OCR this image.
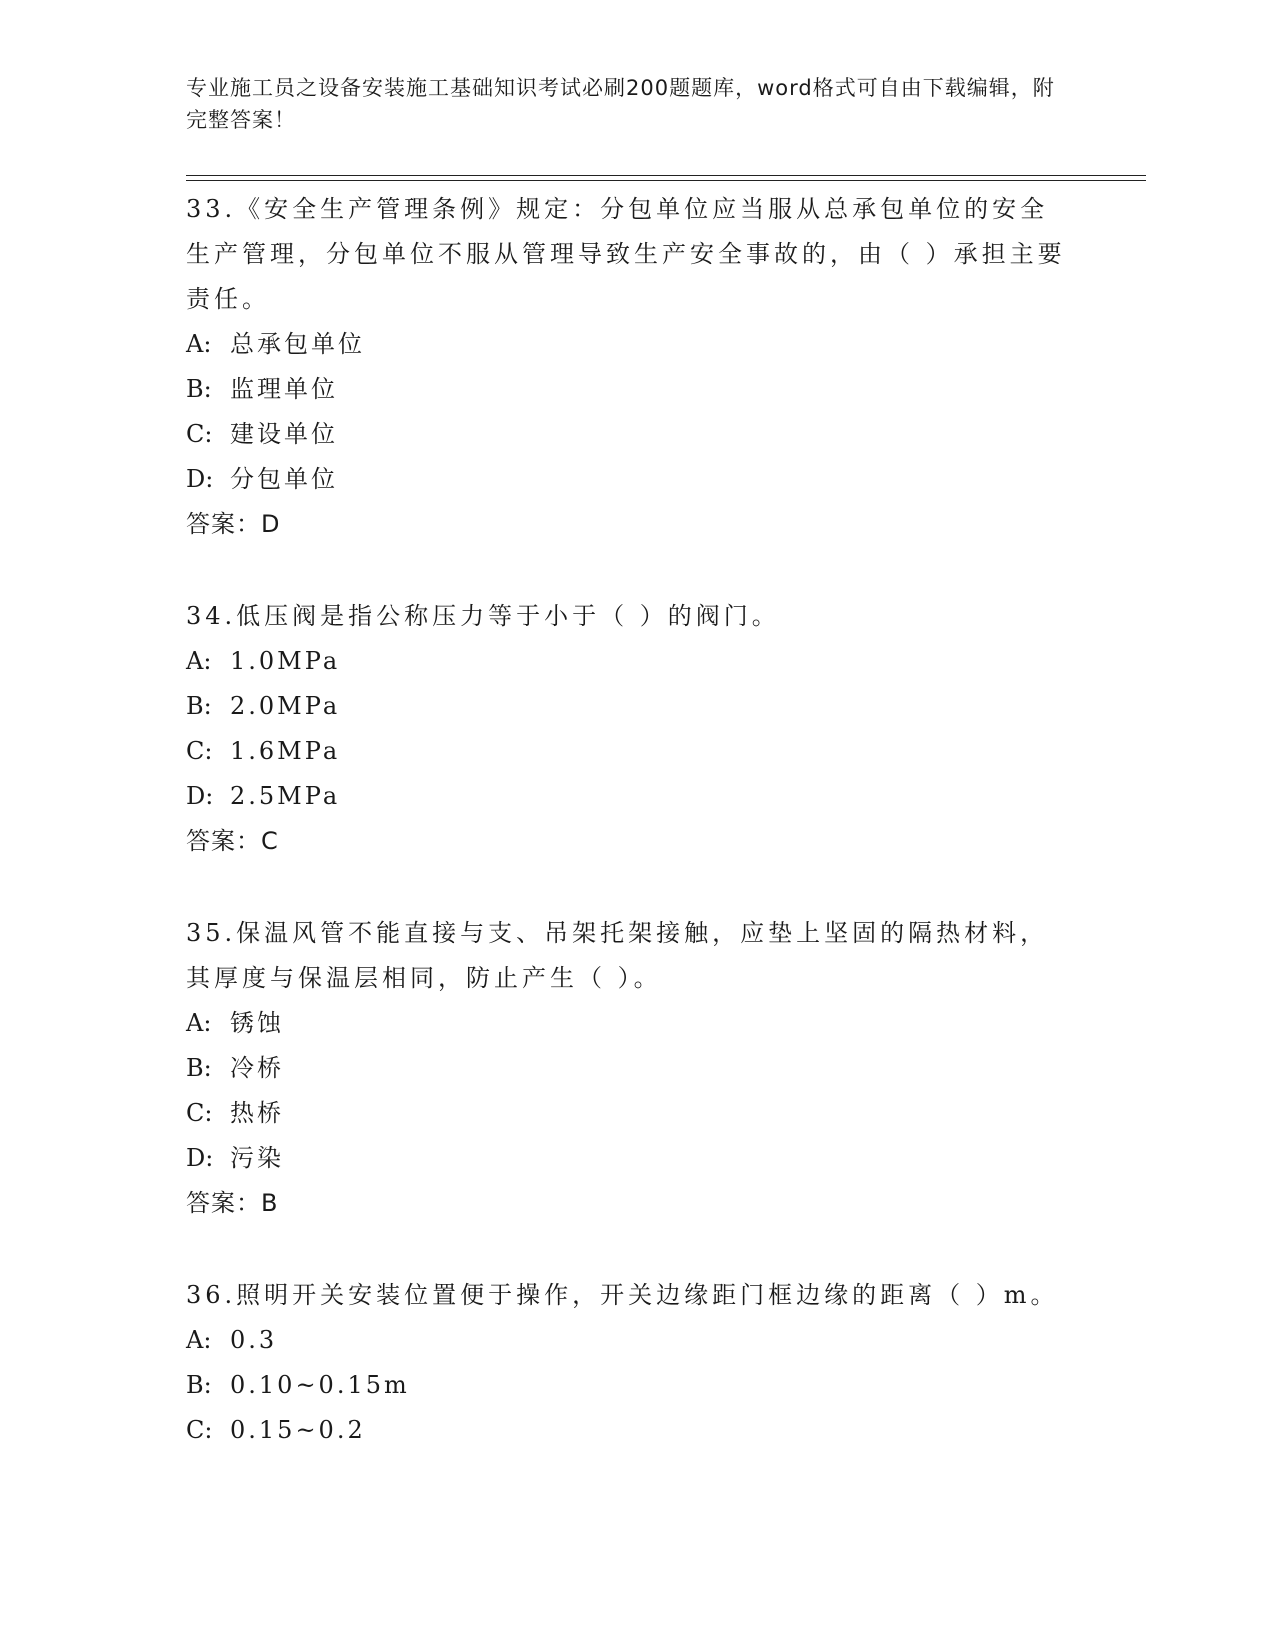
专业施工员之设备安装施工基础知识考试必刷200题题库，word格式可自由下载编辑，附完整答案！

33.《安全生产管理条例》规定：分包单位应当服从总承包单位的安全生产管理，分包单位不服从管理导致生产安全事故的，由（ ）承担主要责任。

A: 总承包单位
B: 监理单位
C: 建设单位
D: 分包单位
答案：D

34.低压阀是指公称压力等于小于（ ）的阀门。

A: 1.0MPa
B: 2.0MPa
C: 1.6MPa
D: 2.5MPa
答案：C

35.保温风管不能直接与支、吊架托架接触，应垫上坚固的隔热材料，其厚度与保温层相同，防止产生（ ）。

A: 锈蚀
B: 冷桥
C: 热桥
D: 污染
答案：B

36.照明开关安装位置便于操作，开关边缘距门框边缘的距离（ ）m。

A: 0.3
B: 0.10~0.15m
C: 0.15~0.2
